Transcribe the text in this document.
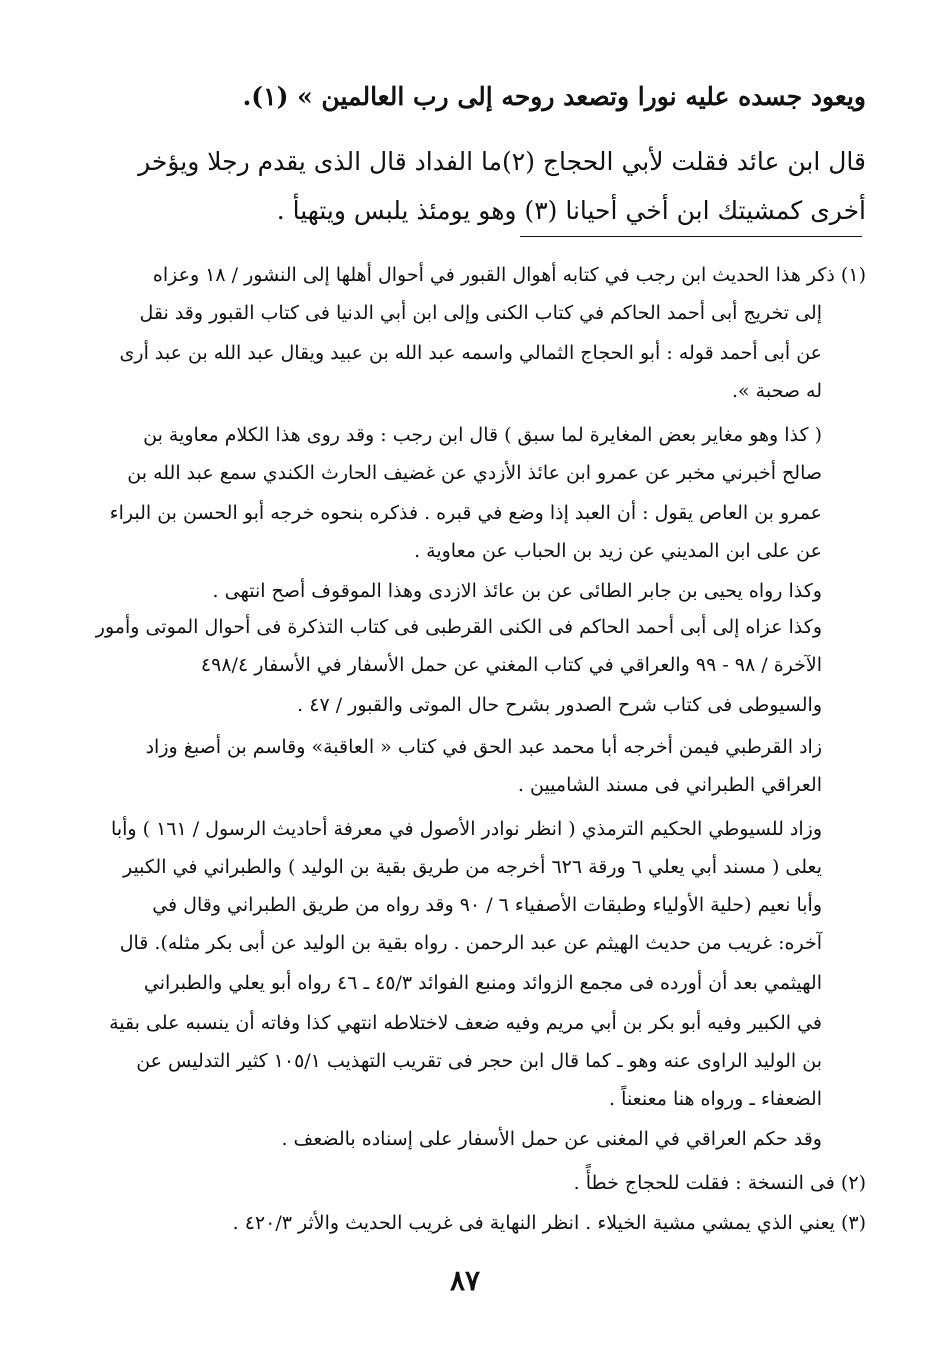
ويعود جسده عليه نورا وتصعد روحه إلى رب العالمين » (١).
قال ابن عائد فقلت لأبي الحجاج (٢)ما الفداد قال الذى يقدم رجلا ويؤخر
أخرى كمشيتك ابن أخي أحيانا (٣) وهو يومئذ يلبس ويتهيأ .
(١) ذكر هذا الحديث ابن رجب في كتابه أهوال القبور في أحوال أهلها إلى النشور / ١٨ وعزاه
إلى تخريج أبى أحمد الحاكم في كتاب الكنى وإلى ابن أبي الدنيا فى كتاب القبور وقد نقل
عن أبى أحمد قوله : أبو الحجاج الثمالي واسمه عبد الله بن عبيد ويقال عبد الله بن عبد أرى
له صحبة ».
( كذا وهو مغاير بعض المغايرة لما سبق ) قال ابن رجب : وقد روى هذا الكلام معاوية بن
صالح أخبرني مخبر عن عمرو ابن عائذ الأزدي عن غضيف الحارث الكندي سمع عبد الله بن
عمرو بن العاص يقول : أن العبد إذا وضع في قبره . فذكره بنحوه خرجه أبو الحسن بن البراء
عن على ابن المديني عن زيد بن الحباب عن معاوية .
وكذا رواه يحيى بن جابر الطائى عن بن عائذ الازدى وهذا الموقوف أصح انتهى .
وكذا عزاه إلى أبى أحمد الحاكم فى الكنى القرطبى فى كتاب التذكرة فى أحوال الموتى وأمور
الآخرة / ٩٨ - ٩٩ والعراقي في كتاب المغني عن حمل الأسفار في الأسفار ٤٩٨/٤
والسيوطى فى كتاب شرح الصدور بشرح حال الموتى والقبور / ٤٧ .
زاد القرطبي فيمن أخرجه أبا محمد عبد الحق في كتاب « العاقبة» وقاسم بن أصبغ وزاد
العراقي الطبراني فى مسند الشاميين .
وزاد للسيوطي الحكيم الترمذي ( انظر نوادر الأصول في معرفة أحاديث الرسول / ١٦١ ) وأبا
يعلى ( مسند أبي يعلي ٦ ورقة ٦٢٦ أخرجه من طريق بقية بن الوليد ) والطبراني في الكبير
وأبا نعيم (حلية الأولياء وطبقات الأصفياء ٦ / ٩٠ وقد رواه من طريق الطبراني وقال في
آخره: غريب من حديث الهيثم عن عبد الرحمن . رواه بقية بن الوليد عن أبى بكر مثله). قال
الهيثمي بعد أن أورده فى مجمع الزوائد ومنبع الفوائد ٤٥/٣ ـ ٤٦ رواه أبو يعلي والطبراني
في الكبير وفيه أبو بكر بن أبي مريم وفيه ضعف لاختلاطه انتهي كذا وفاته أن ينسبه على بقية
بن الوليد الراوى عنه وهو ـ كما قال ابن حجر فى تقريب التهذيب ١٠٥/١ كثير التدليس عن
الضعفاء ـ ورواه هنا معنعناً .
وقد حكم العراقي في المغنى عن حمل الأسفار على إسناده بالضعف .
(٢) فى النسخة : فقلت للحجاج خطأً .
(٣) يعني الذي يمشي مشية الخيلاء . انظر النهاية فى غريب الحديث والأثر ٤٢٠/٣ .
٨٧
